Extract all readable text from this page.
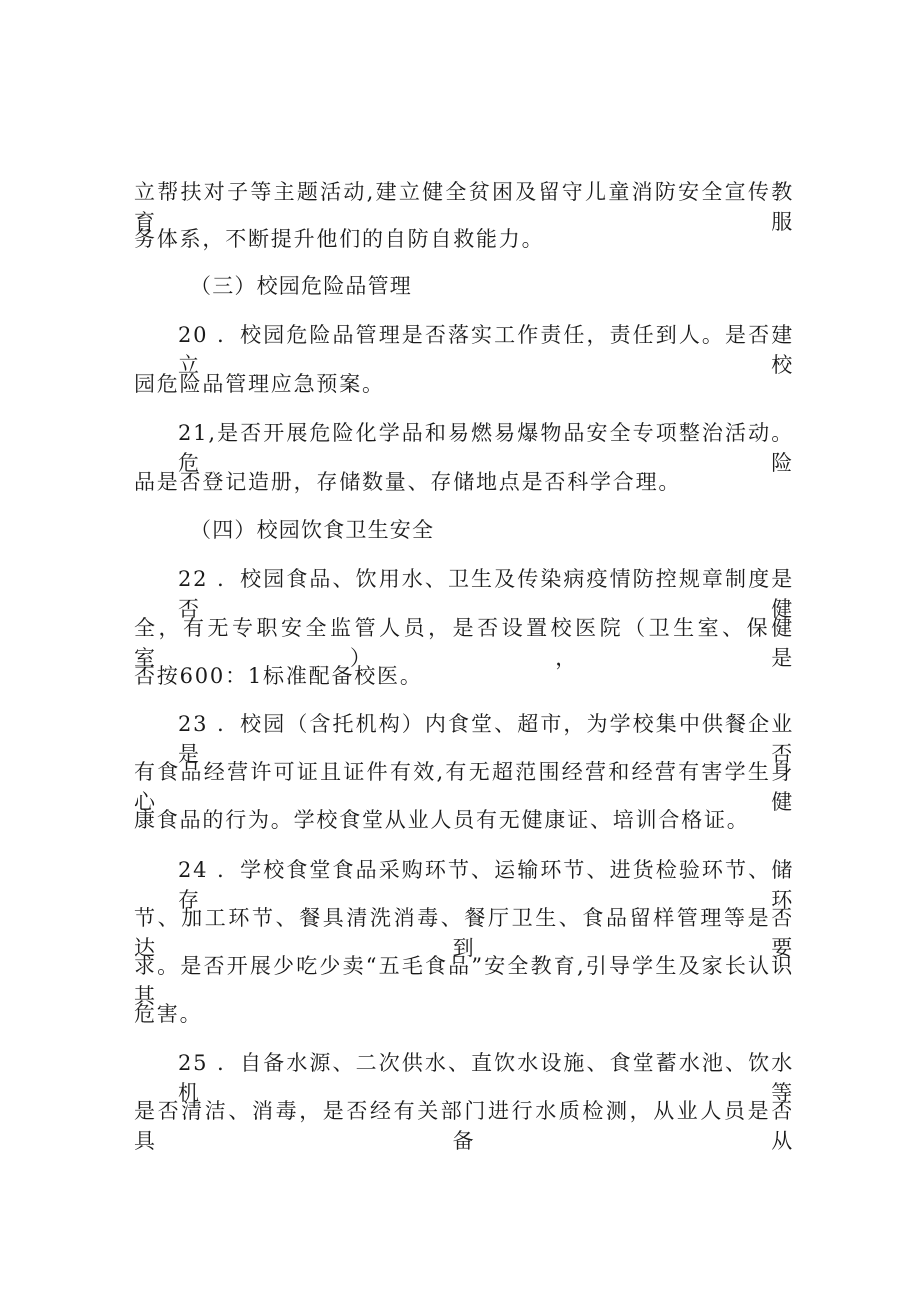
立帮扶对子等主题活动,建立健全贫困及留守儿童消防安全宣传教育服
务体系，不断提升他们的自防自救能力。
（三）校园危险品管理
20 ．校园危险品管理是否落实工作责任，责任到人。是否建立校
园危险品管理应急预案。
21,是否开展危险化学品和易燃易爆物品安全专项整治活动。危险
品是否登记造册，存储数量、存储地点是否科学合理。
（四）校园饮食卫生安全
22 ．校园食品、饮用水、卫生及传染病疫情防控规章制度是否健
全，有无专职安全监管人员，是否设置校医院（卫生室、保健室），是
否按600：1标准配备校医。
23 ．校园（含托机构）内食堂、超市，为学校集中供餐企业是否
有食品经营许可证且证件有效,有无超范围经营和经营有害学生身心健
康食品的行为。学校食堂从业人员有无健康证、培训合格证。
24 ．学校食堂食品采购环节、运输环节、进货检验环节、储存环
节、加工环节、餐具清洗消毒、餐厅卫生、食品留样管理等是否达到要
求。是否开展少吃少卖“五毛食品”安全教育,引导学生及家长认识其
危害。
25 ．自备水源、二次供水、直饮水设施、食堂蓄水池、饮水机等
是否清洁、消毒，是否经有关部门进行水质检测，从业人员是否具备从
